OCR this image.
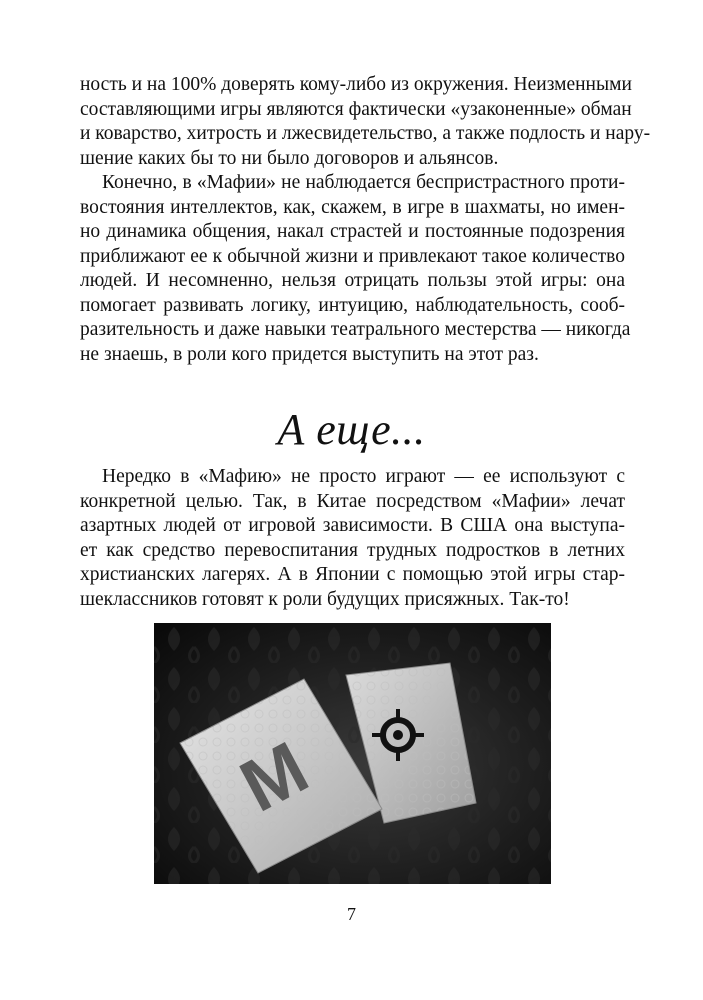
ность и на 100% доверять кому-либо из окружения. Неизменными
составляющими игры являются фактически «узаконенные» обман
и коварство, хитрость и лжесвидетельство, а также подлость и нару-
шение каких бы то ни было договоров и альянсов.

Конечно, в «Мафии» не наблюдается беспристрастного проти-
востояния интеллектов, как, скажем, в игре в шахматы, но имен-
но динамика общения, накал страстей и постоянные подозрения
приближают ее к обычной жизни и привлекают такое количество
людей. И несомненно, нельзя отрицать пользы этой игры: она
помогает развивать логику, интуицию, наблюдательность, сооб-
разительность и даже навыки театрального местерства — никогда
не знаешь, в роли кого придется выступить на этот раз.

А еще...

Нередко в «Мафию» не просто играют — ее используют с
конкретной целью. Так, в Китае посредством «Мафии» лечат
азартных людей от игровой зависимости. В США она выступа-
ет как средство перевоспитания трудных подростков в летних
христианских лагерях. А в Японии с помощью этой игры стар-
шеклассников готовят к роли будущих присяжных. Так-то!

M
7
